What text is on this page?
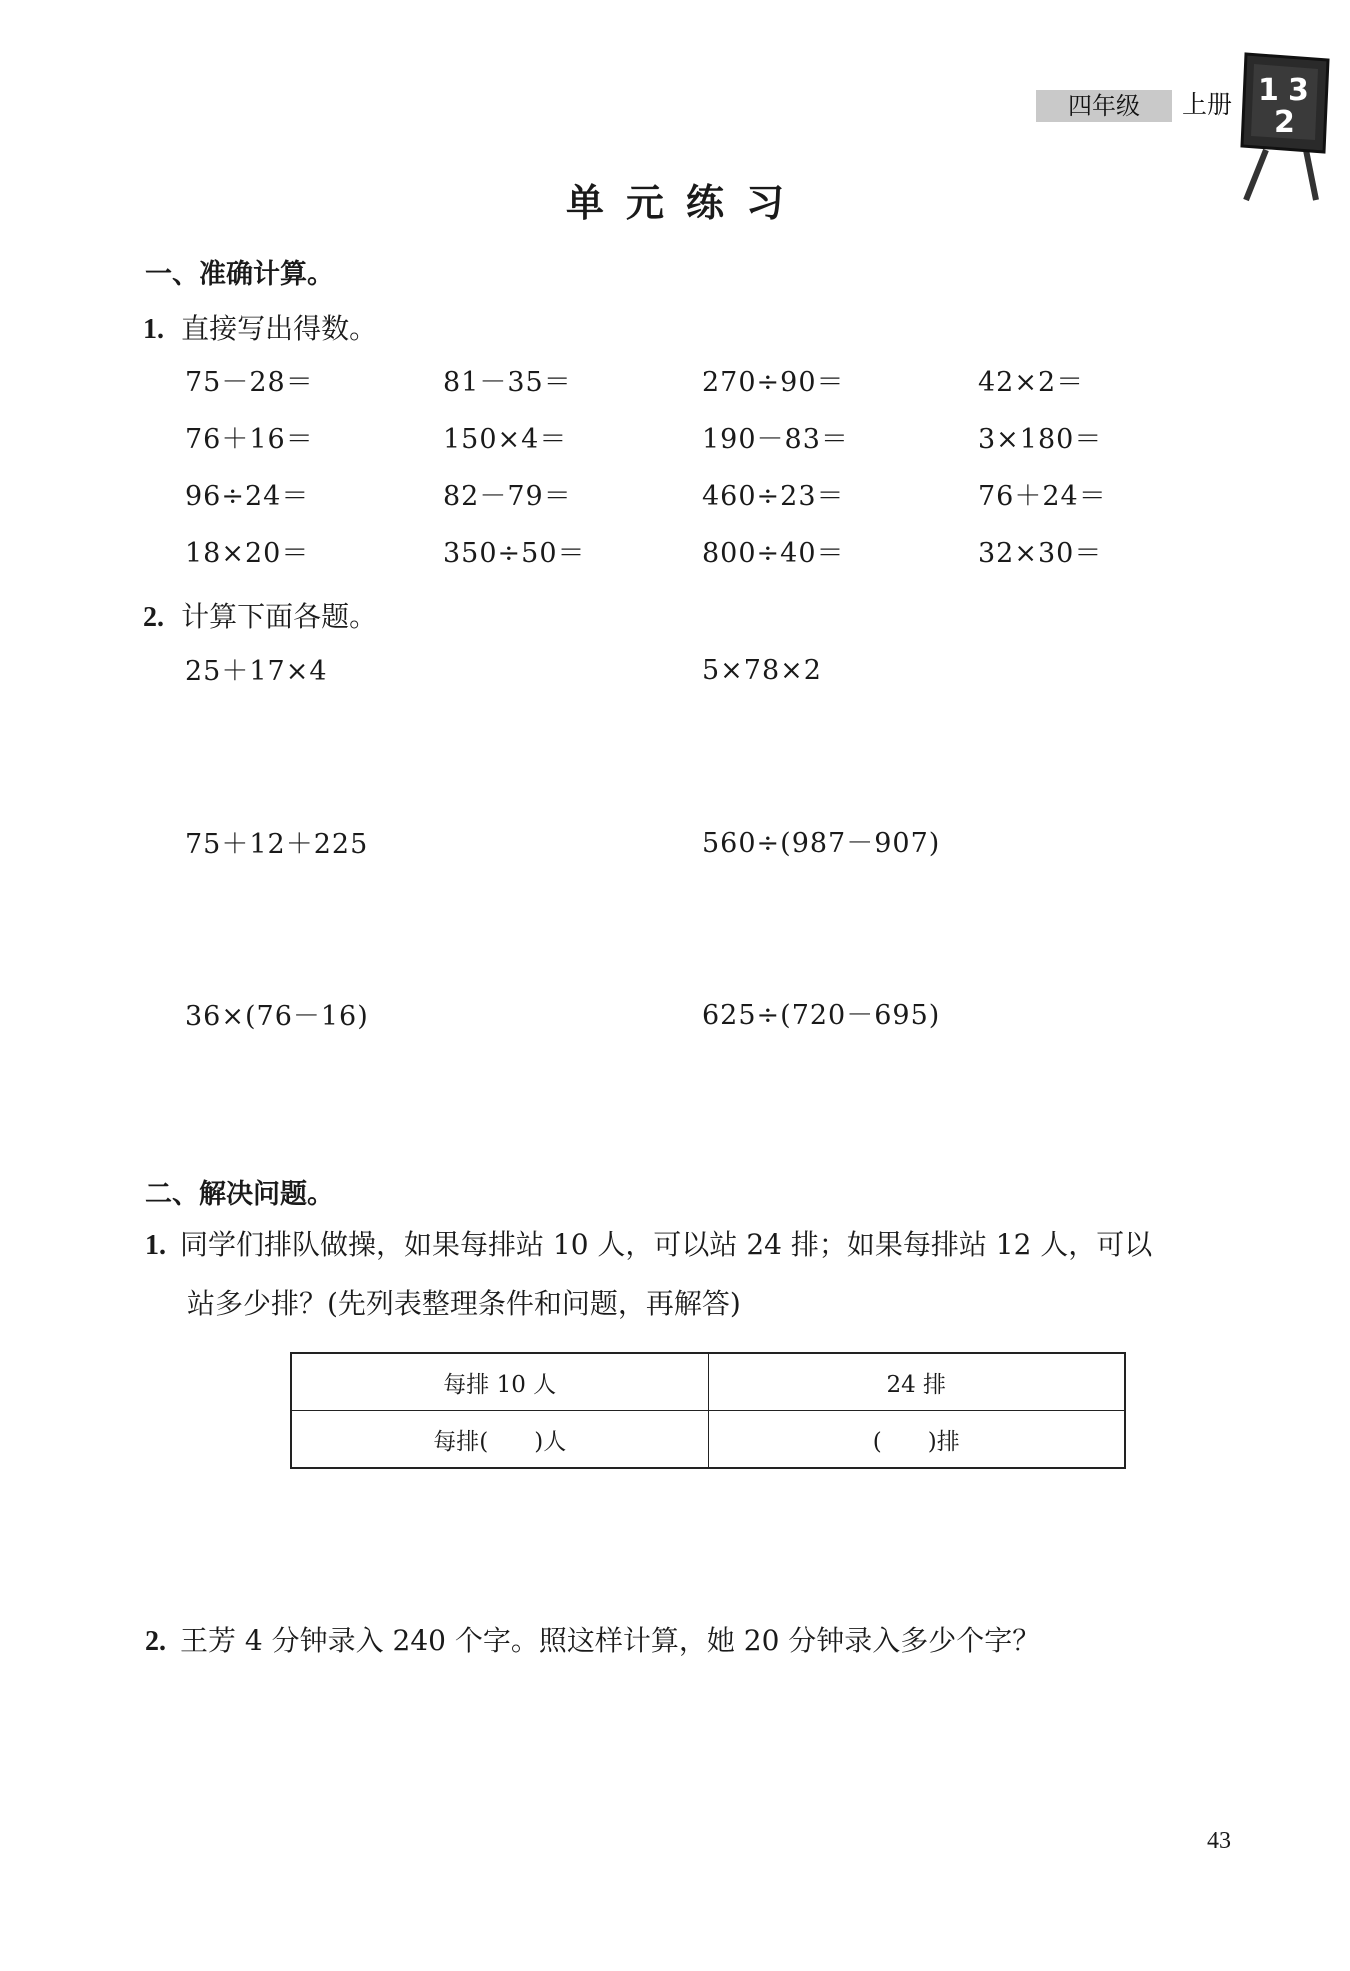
四年级	上册 1 3
2
单元练习
一、准确计算。
1. 直接写出得数。
75－28＝	81－35＝	270÷90＝	42×2＝
76＋16＝	150×4＝	190－83＝	3×180＝
96÷24＝	82－79＝	460÷23＝	76＋24＝
18×20＝	350÷50＝	800÷40＝	32×30＝
2. 计算下面各题。
25＋17×4	5×78×2
75＋12＋225	560÷(987－907)
36×(76－16)	625÷(720－695)
二、解决问题。
1. 同学们排队做操，如果每排站 10 人，可以站 24 排；如果每排站 12 人，可以
站多少排？(先列表整理条件和问题，再解答)
每排 10 人	24 排
每排(　　)人	(　　)排
2. 王芳 4 分钟录入 240 个字。照这样计算，她 20 分钟录入多少个字？
43
